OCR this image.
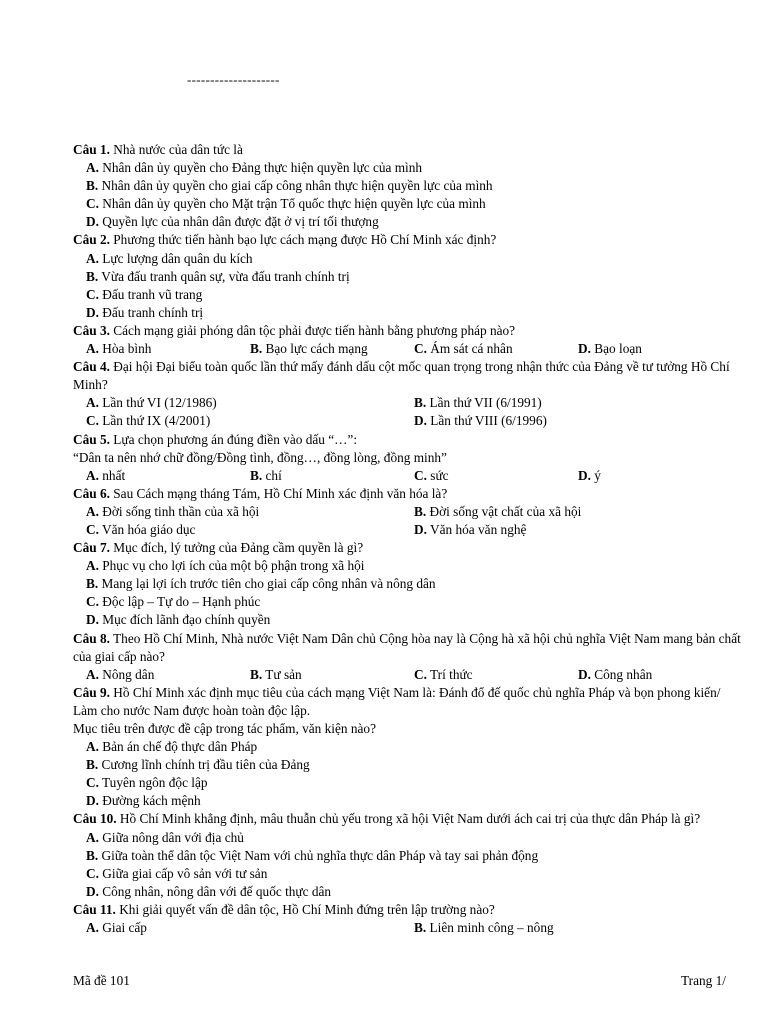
--------------------
Câu 1. Nhà nước của dân tức là
A. Nhân dân ủy quyền cho Đảng thực hiện quyền lực của mình
B. Nhân dân ủy quyền cho giai cấp công nhân thực hiện quyền lực của mình
C. Nhân dân ủy quyền cho Mặt trận Tổ quốc thực hiện quyền lực của mình
D. Quyền lực của nhân dân được đặt ở vị trí tối thượng
Câu 2. Phương thức tiến hành bạo lực cách mạng được Hồ Chí Minh xác định?
A. Lực lượng dân quân du kích
B. Vừa đấu tranh quân sự, vừa đấu tranh chính trị
C. Đấu tranh vũ trang
D. Đấu tranh chính trị
Câu 3. Cách mạng giải phóng dân tộc phải được tiến hành bằng phương pháp nào?
A. Hòa bình	B. Bạo lực cách mạng	C. Ám sát cá nhân	D. Bạo loạn
Câu 4. Đại hội Đại biểu toàn quốc lần thứ mấy đánh dấu cột mốc quan trọng trong nhận thức của Đảng về tư tưởng Hồ Chí Minh?
A. Lần thứ VI (12/1986)	B. Lần thứ VII (6/1991)
C. Lần thứ IX (4/2001)	D. Lần thứ VIII (6/1996)
Câu 5. Lựa chọn phương án đúng điền vào dấu “…”:
“Dân ta nên nhớ chữ đồng/Đồng tình, đồng…, đồng lòng, đồng minh”
A. nhất	B. chí	C. sức	D. ý
Câu 6. Sau Cách mạng tháng Tám, Hồ Chí Minh xác định văn hóa là?
A. Đời sống tinh thần của xã hội	B. Đời sống vật chất của xã hội
C. Văn hóa giáo dục	D. Văn hóa văn nghệ
Câu 7. Mục đích, lý tưởng của Đảng cầm quyền là gì?
A. Phục vụ cho lợi ích của một bộ phận trong xã hội
B. Mang lại lợi ích trước tiên cho giai cấp công nhân và nông dân
C. Độc lập – Tự do – Hạnh phúc
D. Mục đích lãnh đạo chính quyền
Câu 8. Theo Hồ Chí Minh, Nhà nước Việt Nam Dân chủ Cộng hòa nay là Cộng hà xã hội chủ nghĩa Việt Nam mang bản chất của giai cấp nào?
A. Nông dân	B. Tư sản	C. Trí thức	D. Công nhân
Câu 9. Hồ Chí Minh xác định mục tiêu của cách mạng Việt Nam là: Đánh đổ đế quốc chủ nghĩa Pháp và bọn phong kiến/ Làm cho nước Nam được hoàn toàn độc lập.
Mục tiêu trên được đề cập trong tác phẩm, văn kiện nào?
A. Bản án chế độ thực dân Pháp
B. Cương lĩnh chính trị đầu tiên của Đảng
C. Tuyên ngôn độc lập
D. Đường kách mệnh
Câu 10. Hồ Chí Minh khẳng định, mâu thuẫn chủ yếu trong xã hội Việt Nam dưới ách cai trị của thực dân Pháp là gì?
A. Giữa nông dân với địa chủ
B. Giữa toàn thể dân tộc Việt Nam với chủ nghĩa thực dân Pháp và tay sai phản động
C. Giữa giai cấp vô sản với tư sản
D. Công nhân, nông dân với đế quốc thực dân
Câu 11. Khi giải quyết vấn đề dân tộc, Hồ Chí Minh đứng trên lập trường nào?
A. Giai cấp	B. Liên minh công – nông
Mã đề 101	Trang 1/
